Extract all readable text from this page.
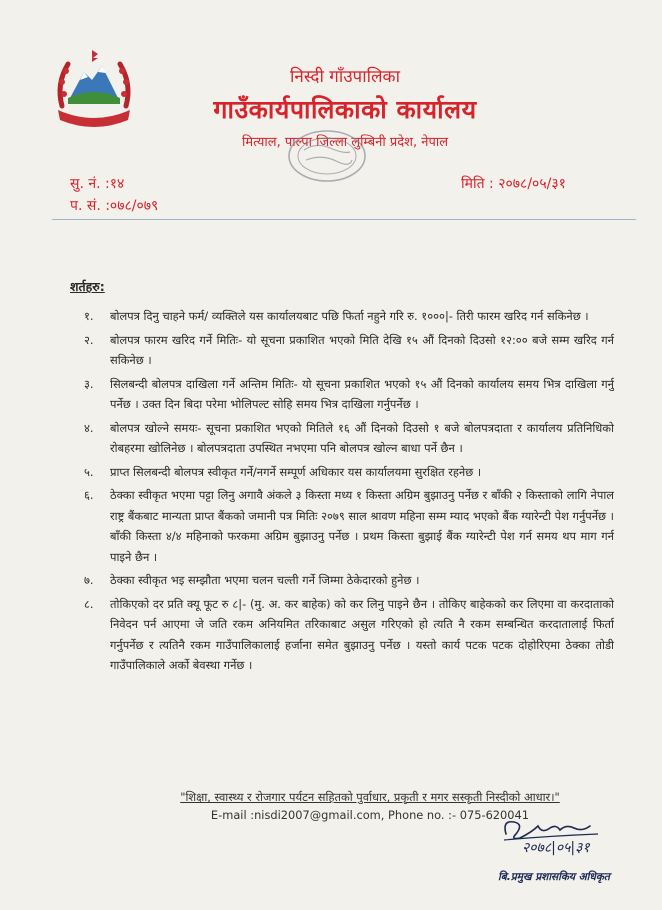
निस्दी गाँउपालिका
गाउँकार्यपालिकाको कार्यालय
मित्याल, पाल्पा जिल्ला लुम्बिनी प्रदेश, नेपाल
सु. नं. :१४
प. सं. :०७८/०७९
मिति : २०७८/०५/३१
शर्तहरु:
१.	बोलपत्र दिनु चाहने फर्म/ व्यक्तिले यस कार्यालयबाट पछि फिर्ता नहुने गरि रु. १०००|- तिरी फारम खरिद गर्न सकिनेछ ।
२.	बोलपत्र फारम खरिद गर्ने मितिः- यो सूचना प्रकाशित भएको मिति देखि १५ औं दिनको दिउसो १२:०० बजे सम्म खरिद गर्न सकिनेछ ।
३.	सिलबन्दी बोलपत्र दाखिला गर्ने अन्तिम मितिः- यो सूचना प्रकाशित भएको १५ औं दिनको कार्यालय समय भित्र दाखिला गर्नु पर्नेछ । उक्त दिन बिदा परेमा भोलिपल्ट सोहि समय भित्र दाखिला गर्नुपर्नेछ ।
४.	बोलपत्र खोल्ने समयः- सूचना प्रकाशित भएको मितिले १६ औं दिनको दिउसो १ बजे बोलपत्रदाता र कार्यालय प्रतिनिधिको रोबहरमा खोलिनेछ । बोलपत्रदाता उपस्थित नभएमा पनि बोलपत्र खोल्न बाधा पर्ने छैन ।
५.	प्राप्त सिलबन्दी बोलपत्र स्वीकृत गर्ने/नगर्ने सम्पूर्ण अधिकार यस कार्यालयमा सुरक्षित रहनेछ ।
६.	ठेक्का स्वीकृत भएमा पट्टा लिनु अगावै अंकले ३ किस्ता मध्य १ किस्ता अग्रिम बुझाउनु पर्नेछ र बाँकी २ किस्ताको लागि नेपाल राष्ट्र बैंकबाट मान्यता प्राप्त बैंकको जमानी पत्र मितिः २०७९ साल श्रावण महिना सम्म म्याद भएको बैंक ग्यारेन्टी पेश गर्नुपर्नेछ ।बाँकी किस्ता ४/४ महिनाको फरकमा अग्रिम बुझाउनु पर्नेछ । प्रथम किस्ता बुझाई बैंक ग्यारेन्टी पेश गर्न समय थप माग गर्न पाइने छैन ।
७.	ठेक्का स्वीकृत भइ सम्झौता भएमा चलन चल्ती गर्ने जिम्मा ठेकेदारको हुनेछ ।
८.	तोकिएको दर प्रति क्यू फूट रु ८|- (मु. अ. कर बाहेक) को कर लिनु पाइने छैन । तोकिए बाहेकको कर लिएमा वा करदाताको निवेदन पर्न आएमा जे जति रकम अनियमित तरिकाबाट असुल गरिएको हो त्यति नै रकम सम्बन्धित करदातालाई फिर्ता गर्नुपर्नेछ र त्यतिनै रकम गाउँपालिकालाई हर्जाना समेत बुझाउनु पर्नेछ । यस्तो कार्य पटक पटक दोहोरिएमा ठेक्का तोडी गाउँपालिकाले अर्को बेवस्था गर्नेछ ।
"शिक्षा, स्वास्थ्य र रोजगार पर्यटन सहितको पुर्वाधार, प्रकृती र मगर सस्कृती निस्दीको आधार।"
E-mail :nisdi2007@gmail.com, Phone no. :- 075-620041
२०७८|०५|३१
बि.प्रमुख प्रशासकिय अधिकृत
